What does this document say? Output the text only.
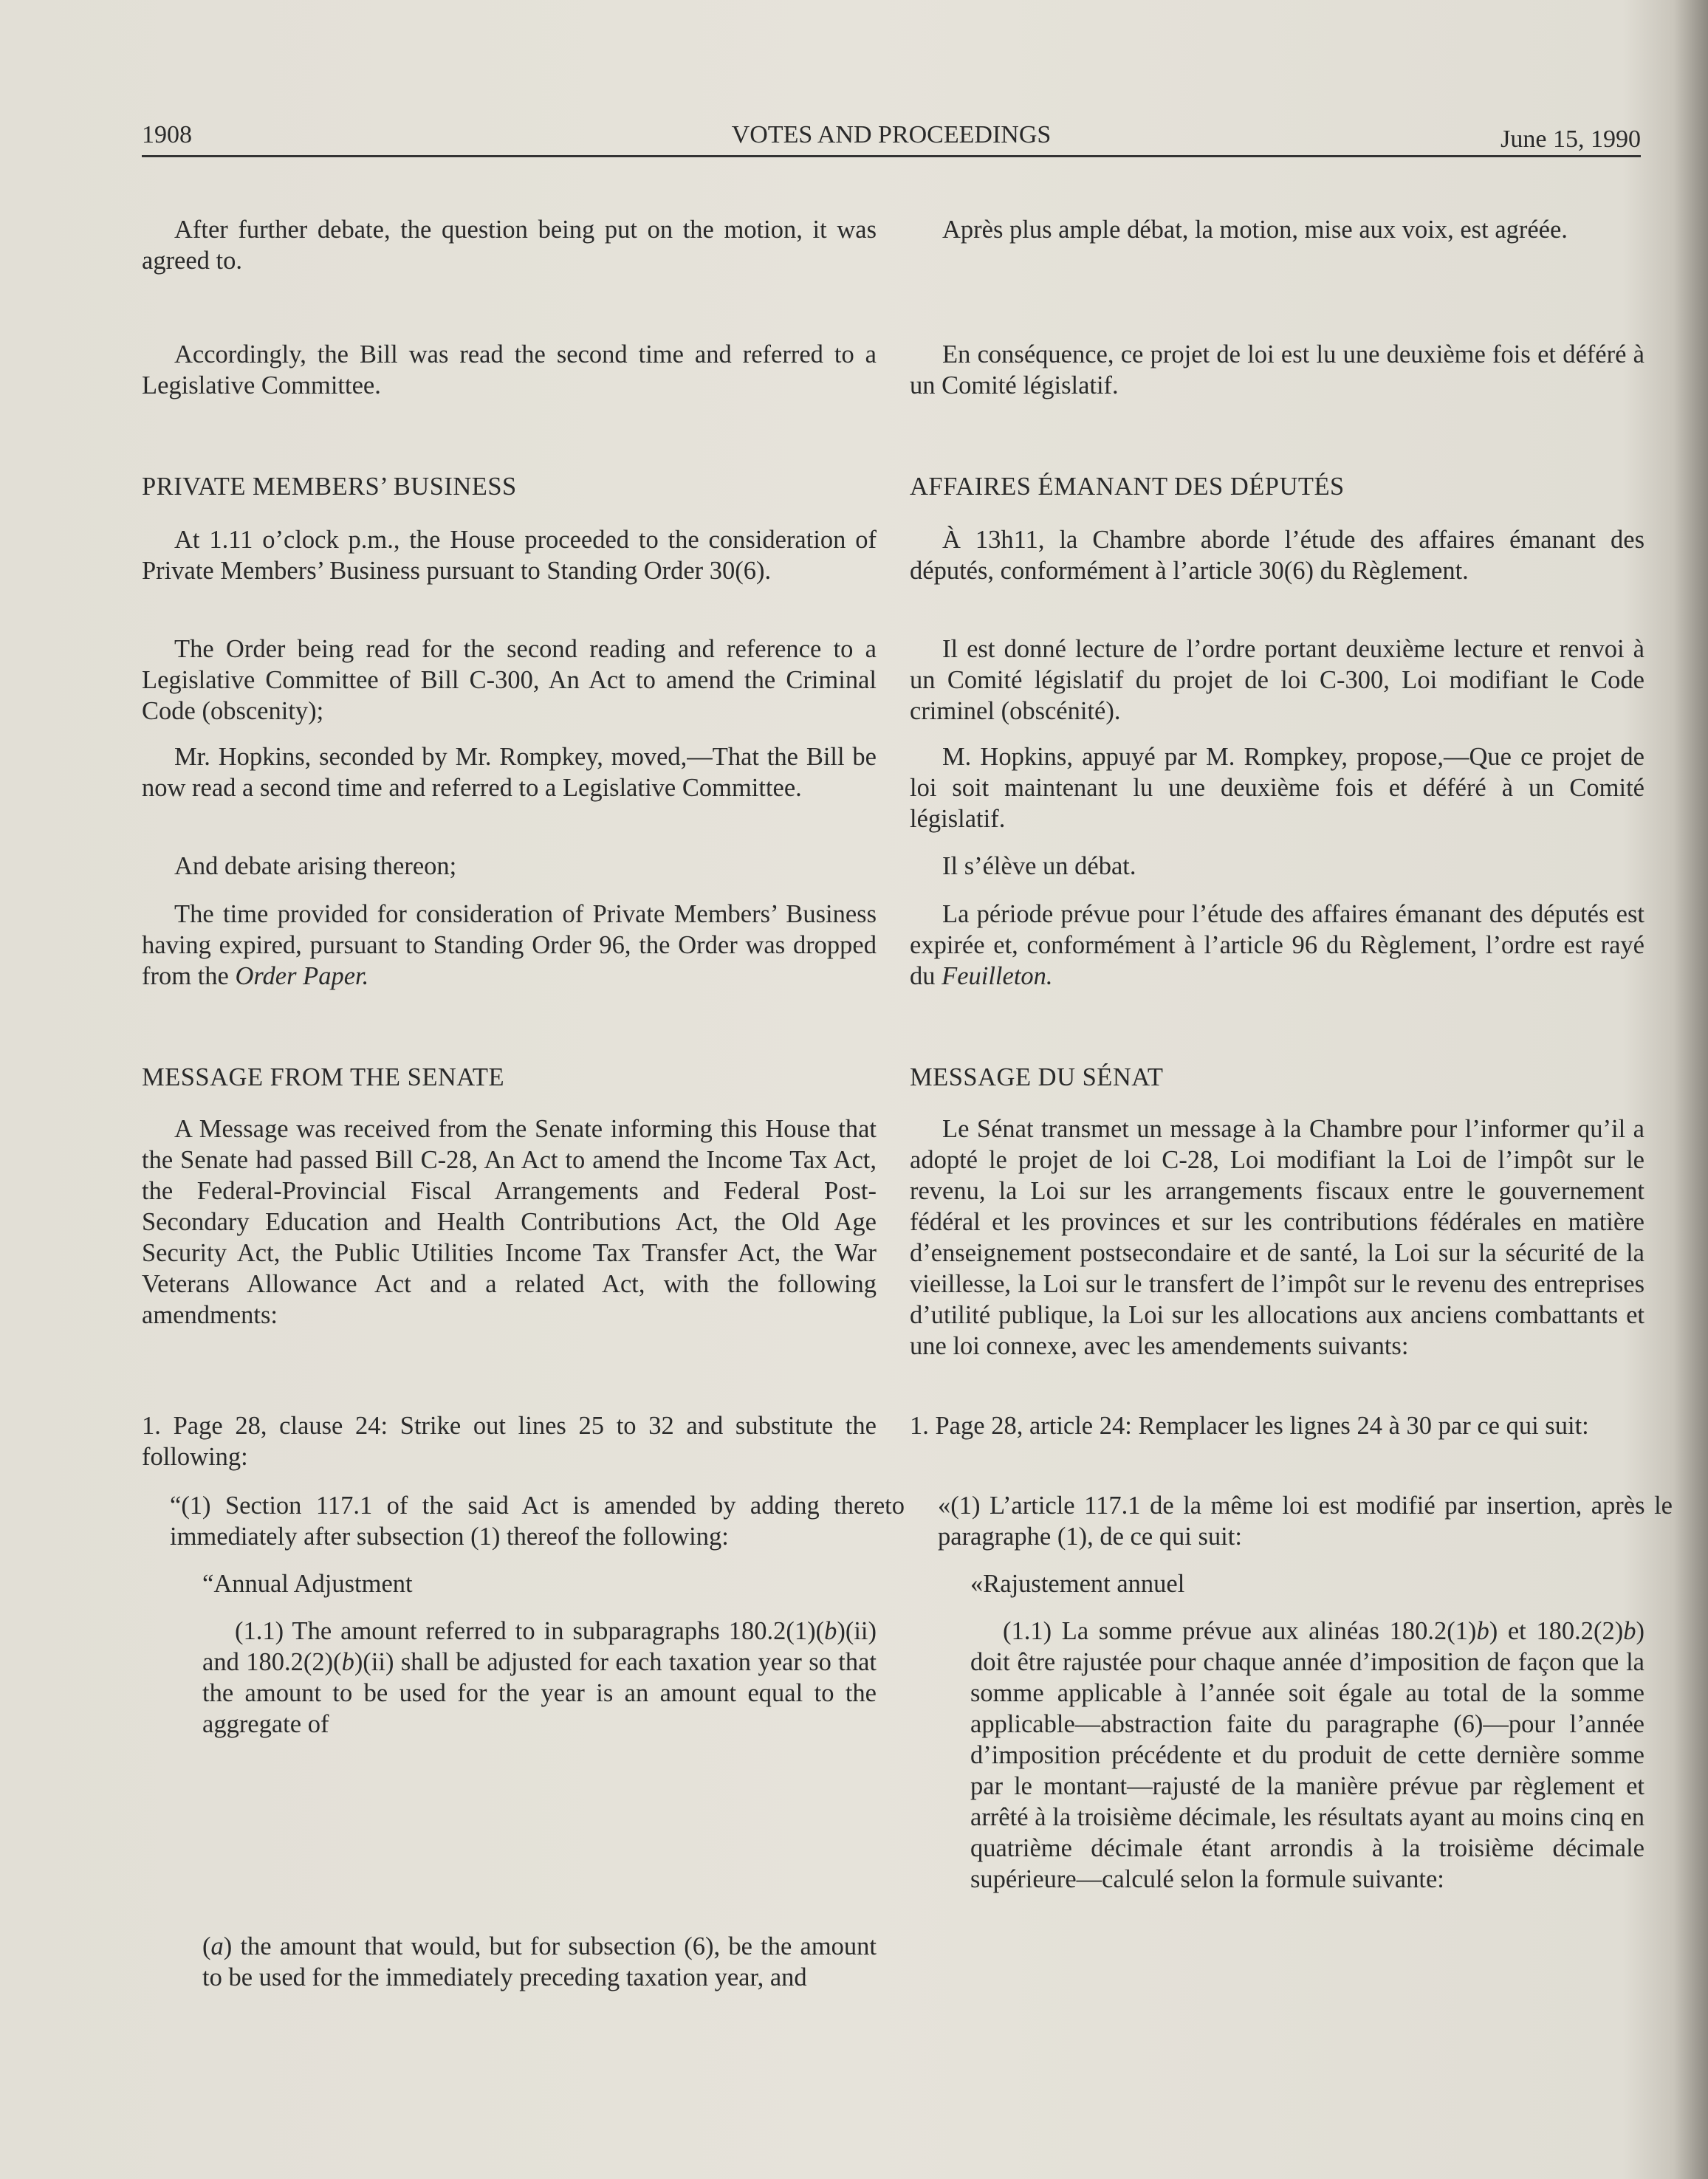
1908	VOTES AND PROCEEDINGS	June 15, 1990

After further debate, the question being put on the motion, it was agreed to.

Accordingly, the Bill was read the second time and referred to a Legislative Committee.

PRIVATE MEMBERS’ BUSINESS

At 1.11 o’clock p.m., the House proceeded to the consideration of Private Members’ Business pursuant to Standing Order 30(6).

The Order being read for the second reading and reference to a Legislative Committee of Bill C-300, An Act to amend the Criminal Code (obscenity);

Mr. Hopkins, seconded by Mr. Rompkey, moved,—That the Bill be now read a second time and referred to a Legislative Committee.

And debate arising thereon;

The time provided for consideration of Private Members’ Business having expired, pursuant to Standing Order 96, the Order was dropped from the Order Paper.

MESSAGE FROM THE SENATE

A Message was received from the Senate informing this House that the Senate had passed Bill C-28, An Act to amend the Income Tax Act, the Federal-Provincial Fiscal Arrangements and Federal Post-Secondary Education and Health Contributions Act, the Old Age Security Act, the Public Utilities Income Tax Transfer Act, the War Veterans Allowance Act and a related Act, with the following amendments:

1. Page 28, clause 24: Strike out lines 25 to 32 and substitute the following:

“(1) Section 117.1 of the said Act is amended by adding thereto immediately after subsection (1) thereof the following:

“Annual Adjustment

(1.1) The amount referred to in subparagraphs 180.2(1)(b)(ii) and 180.2(2)(b)(ii) shall be adjusted for each taxation year so that the amount to be used for the year is an amount equal to the aggregate of

(a) the amount that would, but for subsection (6), be the amount to be used for the immediately preceding taxation year, and

Après plus ample débat, la motion, mise aux voix, est agréée.

En conséquence, ce projet de loi est lu une deuxième fois et déféré à un Comité législatif.

AFFAIRES ÉMANANT DES DÉPUTÉS

À 13h11, la Chambre aborde l’étude des affaires émanant des députés, conformément à l’article 30(6) du Règlement.

Il est donné lecture de l’ordre portant deuxième lecture et renvoi à un Comité législatif du projet de loi C-300, Loi modifiant le Code criminel (obscénité).

M. Hopkins, appuyé par M. Rompkey, propose,—Que ce projet de loi soit maintenant lu une deuxième fois et déféré à un Comité législatif.

Il s’élève un débat.

La période prévue pour l’étude des affaires émanant des députés est expirée et, conformément à l’article 96 du Règlement, l’ordre est rayé du Feuilleton.

MESSAGE DU SÉNAT

Le Sénat transmet un message à la Chambre pour l’informer qu’il a adopté le projet de loi C-28, Loi modifiant la Loi de l’impôt sur le revenu, la Loi sur les arrangements fiscaux entre le gouvernement fédéral et les provinces et sur les contributions fédérales en matière d’enseignement postsecondaire et de santé, la Loi sur la sécurité de la vieillesse, la Loi sur le transfert de l’impôt sur le revenu des entreprises d’utilité publique, la Loi sur les allocations aux anciens combattants et une loi connexe, avec les amendements suivants:

1. Page 28, article 24: Remplacer les lignes 24 à 30 par ce qui suit:

«(1) L’article 117.1 de la même loi est modifié par insertion, après le paragraphe (1), de ce qui suit:

«Rajustement annuel

(1.1) La somme prévue aux alinéas 180.2(1)b) et 180.2(2)b) doit être rajustée pour chaque année d’imposition de façon que la somme applicable à l’année soit égale au total de la somme applicable—abstraction faite du paragraphe (6)—pour l’année d’imposition précédente et du produit de cette dernière somme par le montant—rajusté de la manière prévue par règlement et arrêté à la troisième décimale, les résultats ayant au moins cinq en quatrième décimale étant arrondis à la troisième décimale supérieure—calculé selon la formule suivante:
